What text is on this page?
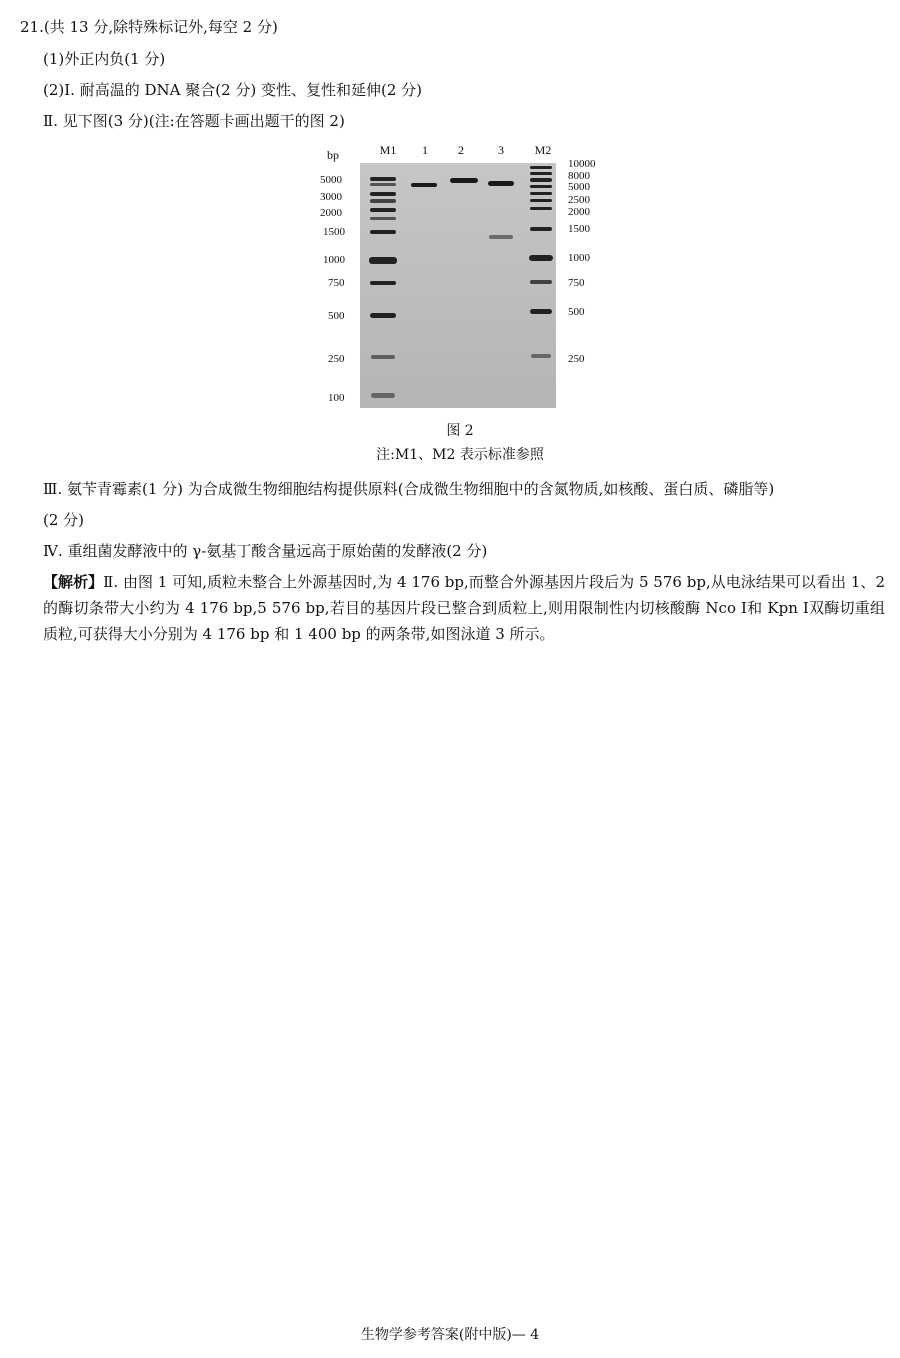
21.(共 13 分,除特殊标记外,每空 2 分)
(1)外正内负(1 分)
(2)Ⅰ. 耐高温的 DNA 聚合(2 分) 变性、复性和延伸(2 分)
Ⅱ. 见下图(3 分)(注:在答题卡画出题干的图 2)
bp	M1	1	2	3	M2
5000
3000
2000
1500
1000
750
500
250
100
10000
8000
5000
2500
2000
1500
1000
750
500
250
图 2
注:M1、M2 表示标准参照
Ⅲ. 氨苄青霉素(1 分) 为合成微生物细胞结构提供原料(合成微生物细胞中的含氮物质,如核酸、蛋白质、磷脂等)
(2 分)
Ⅳ. 重组菌发酵液中的 γ-氨基丁酸含量远高于原始菌的发酵液(2 分)
【解析】Ⅱ. 由图 1 可知,质粒未整合上外源基因时,为 4 176 bp,而整合外源基因片段后为 5 576 bp,从电泳结果可以看出 1、2 的酶切条带大小约为 4 176 bp,5 576 bp,若目的基因片段已整合到质粒上,则用限制性内切核酸酶 Nco Ⅰ和 Kpn Ⅰ双酶切重组质粒,可获得大小分别为 4 176 bp 和 1 400 bp 的两条带,如图泳道 3 所示。
生物学参考答案(附中版)— 4
